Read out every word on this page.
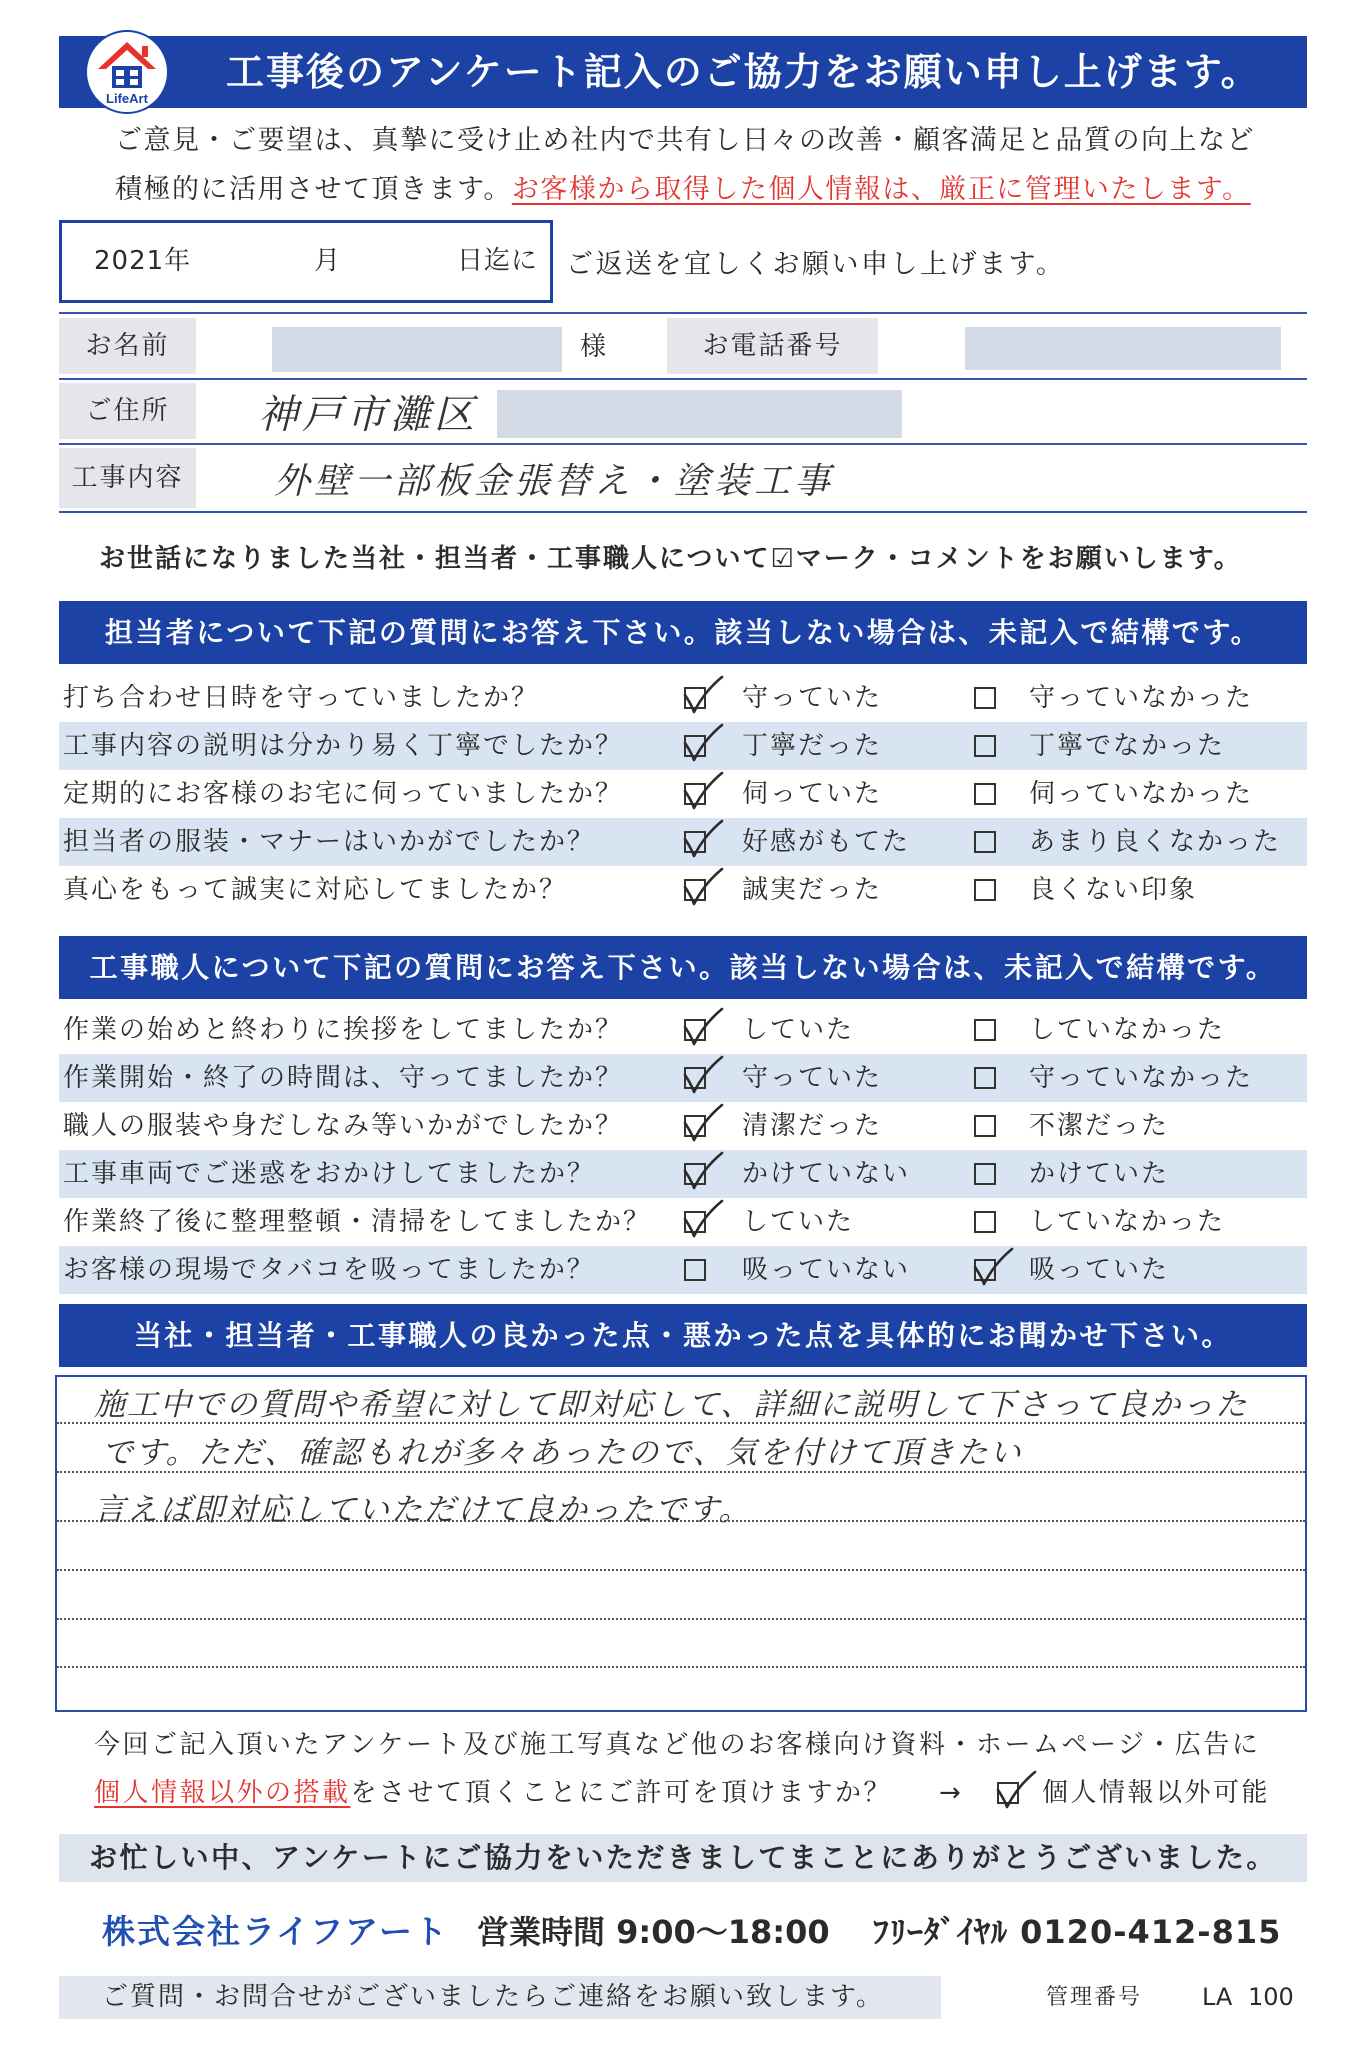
LifeArt
工事後のアンケート記入のご協力をお願い申し上げます。
ご意見・ご要望は、真摯に受け止め社内で共有し日々の改善・顧客満足と品質の向上など
積極的に活用させて頂きます。お客様から取得した個人情報は、厳正に管理いたします。
2021年	月	日迄に ご返送を宜しくお願い申し上げます。
お名前	様	お電話番号
ご住所	神戸市灘区
工事内容	外壁一部板金張替え・塗装工事
お世話になりました当社・担当者・工事職人について☑マーク・コメントをお願いします。
担当者について下記の質問にお答え下さい。該当しない場合は、未記入で結構です。
打ち合わせ日時を守っていましたか？	守っていた	守っていなかった
工事内容の説明は分かり易く丁寧でしたか？	丁寧だった	丁寧でなかった
定期的にお客様のお宅に伺っていましたか？	伺っていた	伺っていなかった
担当者の服装・マナーはいかがでしたか？	好感がもてた	あまり良くなかった
真心をもって誠実に対応してましたか？	誠実だった	良くない印象
工事職人について下記の質問にお答え下さい。該当しない場合は、未記入で結構です。
作業の始めと終わりに挨拶をしてましたか？	していた	していなかった
作業開始・終了の時間は、守ってましたか？	守っていた	守っていなかった
職人の服装や身だしなみ等いかがでしたか？	清潔だった	不潔だった
工事車両でご迷惑をおかけしてましたか？	かけていない	かけていた
作業終了後に整理整頓・清掃をしてましたか？	していた	していなかった
お客様の現場でタバコを吸ってましたか？	吸っていない	吸っていた
当社・担当者・工事職人の良かった点・悪かった点を具体的にお聞かせ下さい。
施工中での質問や希望に対して即対応して、詳細に説明して下さって良かった
です。ただ、確認もれが多々あったので、気を付けて頂きたい
言えば即対応していただけて良かったです。
今回ご記入頂いたアンケート及び施工写真など他のお客様向け資料・ホームページ・広告に
個人情報以外の搭載をさせて頂くことにご許可を頂けますか？ →	個人情報以外可能
お忙しい中、アンケートにご協力をいただきましてまことにありがとうございました。
株式会社ライフアート 営業時間 9:00～18:00 ﾌﾘｰﾀﾞｲﾔﾙ 0120-412-815
ご質問・お問合せがございましたらご連絡をお願い致します。	管理番号 LA 100
